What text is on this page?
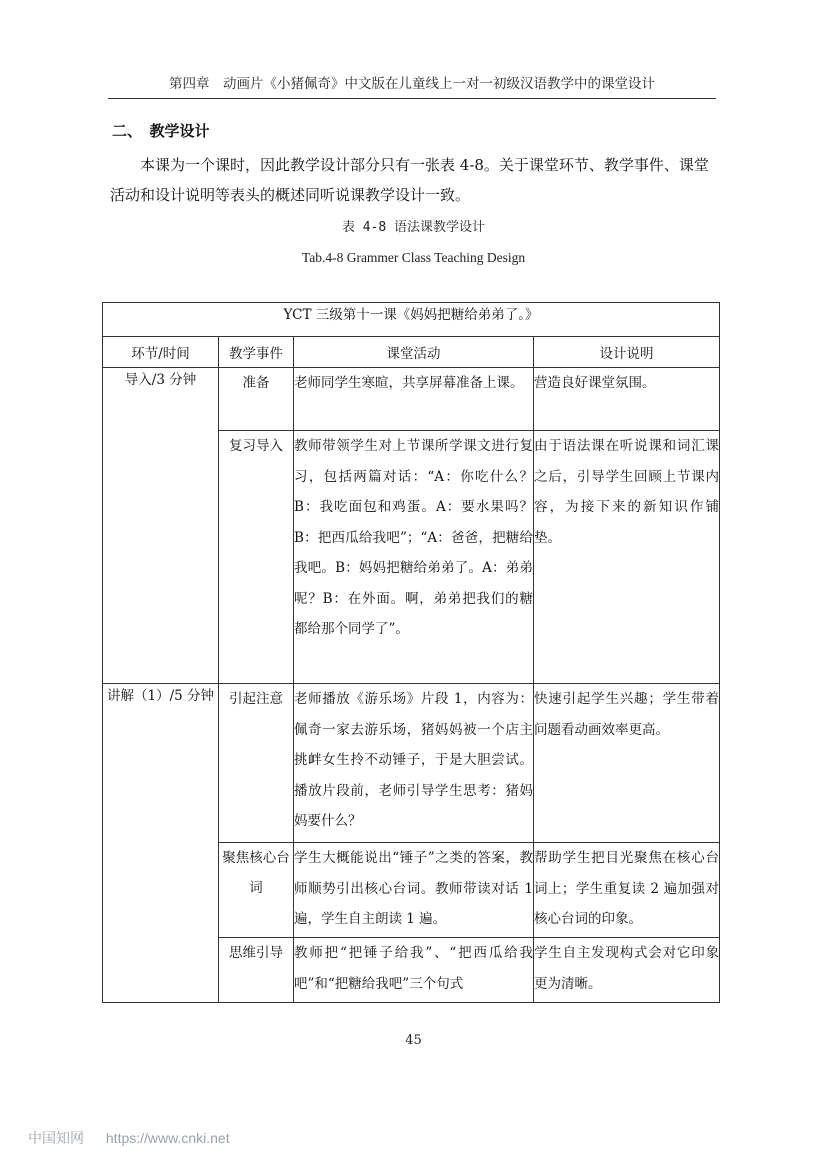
第四章　动画片《小猪佩奇》中文版在儿童线上一对一初级汉语教学中的课堂设计
二、　教学设计
本课为一个课时，因此教学设计部分只有一张表 4-8。关于课堂环节、教学事件、课堂活动和设计说明等表头的概述同听说课教学设计一致。
表 4-8 语法课教学设计
Tab.4-8 Grammer Class Teaching Design
YCT 三级第十一课《妈妈把糖给弟弟了。》			
环节/时间	教学事件	课堂活动	设计说明
导入/3 分钟	准备	老师同学生寒暄，共享屏幕准备上课。	营造良好课堂氛围。
	复习导入	教师带领学生对上节课所学课文进行复习，包括两篇对话：“A：你吃什么？B：我吃面包和鸡蛋。A：要水果吗？B：把西瓜给我吧”；“A：爸爸，把糖给我吧。B：妈妈把糖给弟弟了。A：弟弟呢？B：在外面。啊，弟弟把我们的糖都给那个同学了”。	由于语法课在听说课和词汇课之后，引导学生回顾上节课内容，为接下来的新知识作铺垫。
讲解（1）/5 分钟	引起注意	老师播放《游乐场》片段 1，内容为：佩奇一家去游乐场，猪妈妈被一个店主挑衅女生拎不动锤子，于是大胆尝试。播放片段前，老师引导学生思考：猪妈妈要什么？	快速引起学生兴趣；学生带着问题看动画效率更高。
	聚焦核心台词	学生大概能说出“锤子”之类的答案，教师顺势引出核心台词。教师带读对话 1 遍，学生自主朗读 1 遍。	帮助学生把目光聚焦在核心台词上；学生重复读 2 遍加强对核心台词的印象。
	思维引导	教师把“把锤子给我”、“把西瓜给我吧”和“把糖给我吧”三个句式	学生自主发现构式会对它印象更为清晰。
45
中国知网 https://www.cnki.net
